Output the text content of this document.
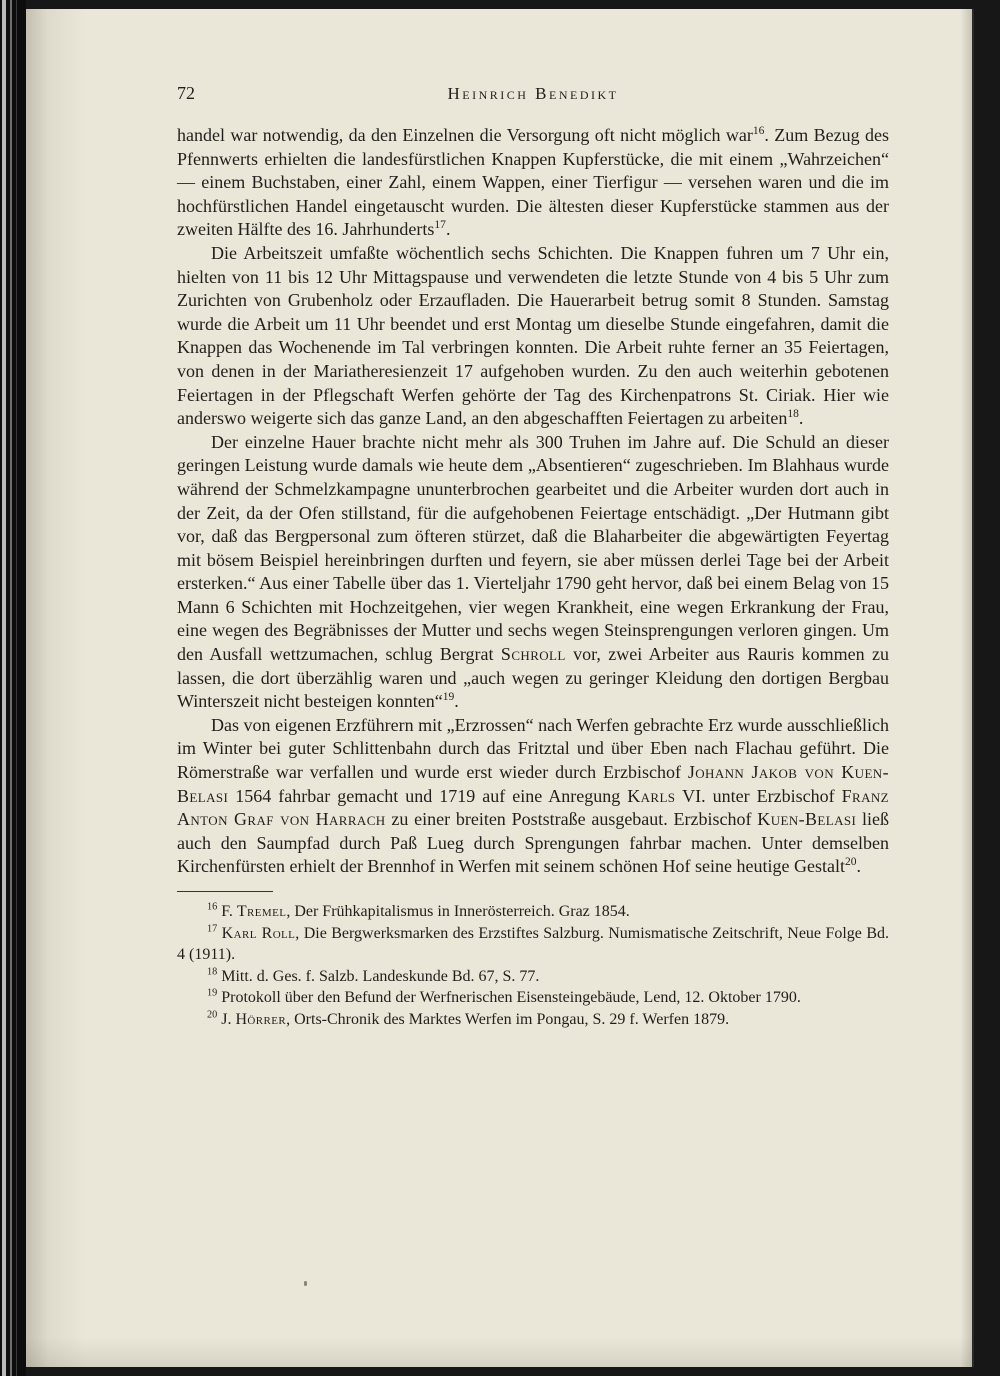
72	Heinrich Benedikt

handel war notwendig, da den Einzelnen die Versorgung oft nicht möglich war$^{16}$. Zum Bezug des Pfennwerts erhielten die landesfürstlichen Knappen Kupferstücke, die mit einem „Wahrzeichen“ — einem Buchstaben, einer Zahl, einem Wappen, einer Tierfigur — versehen waren und die im hochfürstlichen Handel eingetauscht wurden. Die ältesten dieser Kupferstücke stammen aus der zweiten Hälfte des 16. Jahrhunderts$^{17}$.

Die Arbeitszeit umfaßte wöchentlich sechs Schichten. Die Knappen fuhren um 7 Uhr ein, hielten von 11 bis 12 Uhr Mittagspause und verwendeten die letzte Stunde von 4 bis 5 Uhr zum Zurichten von Grubenholz oder Erzaufladen. Die Hauerarbeit betrug somit 8 Stunden. Samstag wurde die Arbeit um 11 Uhr beendet und erst Montag um dieselbe Stunde eingefahren, damit die Knappen das Wochenende im Tal verbringen konnten. Die Arbeit ruhte ferner an 35 Feiertagen, von denen in der Mariatheresienzeit 17 aufgehoben wurden. Zu den auch weiterhin gebotenen Feiertagen in der Pflegschaft Werfen gehörte der Tag des Kirchenpatrons St. Ciriak. Hier wie anderswo weigerte sich das ganze Land, an den abgeschafften Feiertagen zu arbeiten$^{18}$.

Der einzelne Hauer brachte nicht mehr als 300 Truhen im Jahre auf. Die Schuld an dieser geringen Leistung wurde damals wie heute dem „Absentieren“ zugeschrieben. Im Blahhaus wurde während der Schmelzkampagne ununterbrochen gearbeitet und die Arbeiter wurden dort auch in der Zeit, da der Ofen stillstand, für die aufgehobenen Feiertage entschädigt. „Der Hutmann gibt vor, daß das Bergpersonal zum öfteren stürzet, daß die Blaharbeiter die abgewärtigten Feyertag mit bösem Beispiel hereinbringen durften und feyern, sie aber müssen derlei Tage bei der Arbeit ersterken.“ Aus einer Tabelle über das 1. Vierteljahr 1790 geht hervor, daß bei einem Belag von 15 Mann 6 Schichten mit Hochzeitgehen, vier wegen Krankheit, eine wegen Erkrankung der Frau, eine wegen des Begräbnisses der Mutter und sechs wegen Steinsprengungen verloren gingen. Um den Ausfall wettzumachen, schlug Bergrat Schroll vor, zwei Arbeiter aus Rauris kommen zu lassen, die dort überzählig waren und „auch wegen zu geringer Kleidung den dortigen Bergbau Winterszeit nicht besteigen konnten“$^{19}$.

Das von eigenen Erzführern mit „Erzrossen“ nach Werfen gebrachte Erz wurde ausschließlich im Winter bei guter Schlittenbahn durch das Fritztal und über Eben nach Flachau geführt. Die Römerstraße war verfallen und wurde erst wieder durch Erzbischof Johann Jakob von Kuen-Belasi 1564 fahrbar gemacht und 1719 auf eine Anregung Karls VI. unter Erzbischof Franz Anton Graf von Harrach zu einer breiten Poststraße ausgebaut. Erzbischof Kuen-Belasi ließ auch den Saumpfad durch Paß Lueg durch Sprengungen fahrbar machen. Unter demselben Kirchenfürsten erhielt der Brennhof in Werfen mit seinem schönen Hof seine heutige Gestalt$^{20}$.

$^{16}$ F. Tremel, Der Frühkapitalismus in Innerösterreich. Graz 1854.

$^{17}$ Karl Roll, Die Bergwerksmarken des Erzstiftes Salzburg. Numismatische Zeitschrift, Neue Folge Bd. 4 (1911).

$^{18}$ Mitt. d. Ges. f. Salzb. Landeskunde Bd. 67, S. 77.

$^{19}$ Protokoll über den Befund der Werfnerischen Eisensteingebäude, Lend, 12. Oktober 1790.

$^{20}$ J. Hörrer, Orts-Chronik des Marktes Werfen im Pongau, S. 29 f. Werfen 1879.
